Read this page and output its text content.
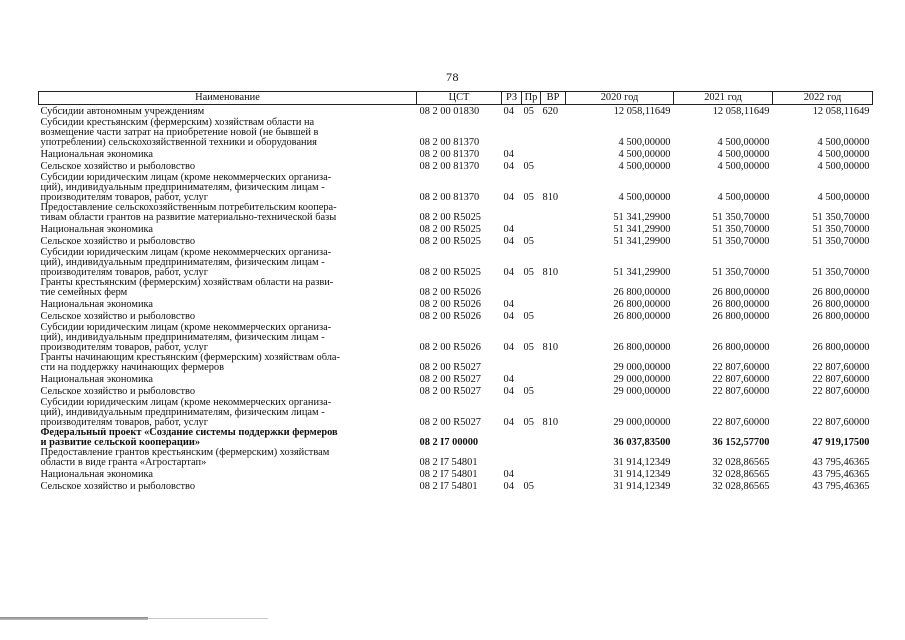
78
Наименование	ЦСТ	РЗ	Пр	ВР	2020 год	2021 год	2022 год

Субсидии автономным учреждениям	08 2 00 01830	04	05	620	12 058,11649	12 058,11649	12 058,11649

Субсидии крестьянским (фермерским) хозяйствам области на
возмещение части затрат на приобретение новой (не бывшей в
употреблении) сельскохозяйственной техники и оборудования	08 2 00 81370				4 500,00000	4 500,00000	4 500,00000

Национальная экономика	08 2 00 81370	04			4 500,00000	4 500,00000	4 500,00000

Сельское хозяйство и рыболовство	08 2 00 81370	04	05		4 500,00000	4 500,00000	4 500,00000

Субсидии юридическим лицам (кроме некоммерческих организа-
ций), индивидуальным предпринимателям, физическим лицам -
производителям товаров, работ, услуг	08 2 00 81370	04	05	810	4 500,00000	4 500,00000	4 500,00000

Предоставление сельскохозяйственным потребительским коопера-
тивам области грантов на развитие материально-технической базы	08 2 00 R5025				51 341,29900	51 350,70000	51 350,70000

Национальная экономика	08 2 00 R5025	04			51 341,29900	51 350,70000	51 350,70000

Сельское хозяйство и рыболовство	08 2 00 R5025	04	05		51 341,29900	51 350,70000	51 350,70000

Субсидии юридическим лицам (кроме некоммерческих организа-
ций), индивидуальным предпринимателям, физическим лицам -
производителям товаров, работ, услуг	08 2 00 R5025	04	05	810	51 341,29900	51 350,70000	51 350,70000

Гранты крестьянским (фермерским) хозяйствам области на разви-
тие семейных ферм	08 2 00 R5026				26 800,00000	26 800,00000	26 800,00000

Национальная экономика	08 2 00 R5026	04			26 800,00000	26 800,00000	26 800,00000

Сельское хозяйство и рыболовство	08 2 00 R5026	04	05		26 800,00000	26 800,00000	26 800,00000

Субсидии юридическим лицам (кроме некоммерческих организа-
ций), индивидуальным предпринимателям, физическим лицам -
производителям товаров, работ, услуг	08 2 00 R5026	04	05	810	26 800,00000	26 800,00000	26 800,00000

Гранты начинающим крестьянским (фермерским) хозяйствам обла-
сти на поддержку начинающих фермеров	08 2 00 R5027				29 000,00000	22 807,60000	22 807,60000

Национальная экономика	08 2 00 R5027	04			29 000,00000	22 807,60000	22 807,60000

Сельское хозяйство и рыболовство	08 2 00 R5027	04	05		29 000,00000	22 807,60000	22 807,60000

Субсидии юридическим лицам (кроме некоммерческих организа-
ций), индивидуальным предпринимателям, физическим лицам -
производителям товаров, работ, услуг	08 2 00 R5027	04	05	810	29 000,00000	22 807,60000	22 807,60000

Федеральный проект «Создание системы поддержки фермеров
и развитие сельской кооперации»	08 2 I7 00000				36 037,83500	36 152,57700	47 919,17500

Предоставление грантов крестьянским (фермерским) хозяйствам
области в виде гранта «Агростартап»	08 2 I7 54801				31 914,12349	32 028,86565	43 795,46365

Национальная экономика	08 2 I7 54801	04			31 914,12349	32 028,86565	43 795,46365

Сельское хозяйство и рыболовство	08 2 I7 54801	04	05		31 914,12349	32 028,86565	43 795,46365
